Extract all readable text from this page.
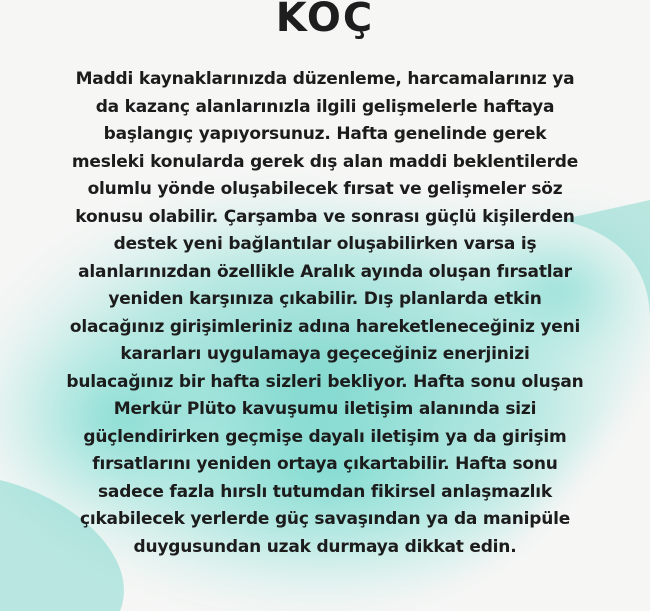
KOÇ
Maddi kaynaklarınızda düzenleme, harcamalarınız ya
da kazanç alanlarınızla ilgili gelişmelerle haftaya
başlangıç yapıyorsunuz. Hafta genelinde gerek
mesleki konularda gerek dış alan maddi beklentilerde
olumlu yönde oluşabilecek fırsat ve gelişmeler söz
konusu olabilir. Çarşamba ve sonrası güçlü kişilerden
destek yeni bağlantılar oluşabilirken varsa iş
alanlarınızdan özellikle Aralık ayında oluşan fırsatlar
yeniden karşınıza çıkabilir. Dış planlarda etkin
olacağınız girişimleriniz adına hareketleneceğiniz yeni
kararları uygulamaya geçeceğiniz enerjinizi
bulacağınız bir hafta sizleri bekliyor. Hafta sonu oluşan
Merkür Plüto kavuşumu iletişim alanında sizi
güçlendirirken geçmişe dayalı iletişim ya da girişim
fırsatlarını yeniden ortaya çıkartabilir. Hafta sonu
sadece fazla hırslı tutumdan fikirsel anlaşmazlık
çıkabilecek yerlerde güç savaşından ya da manipüle
duygusundan uzak durmaya dikkat edin.
